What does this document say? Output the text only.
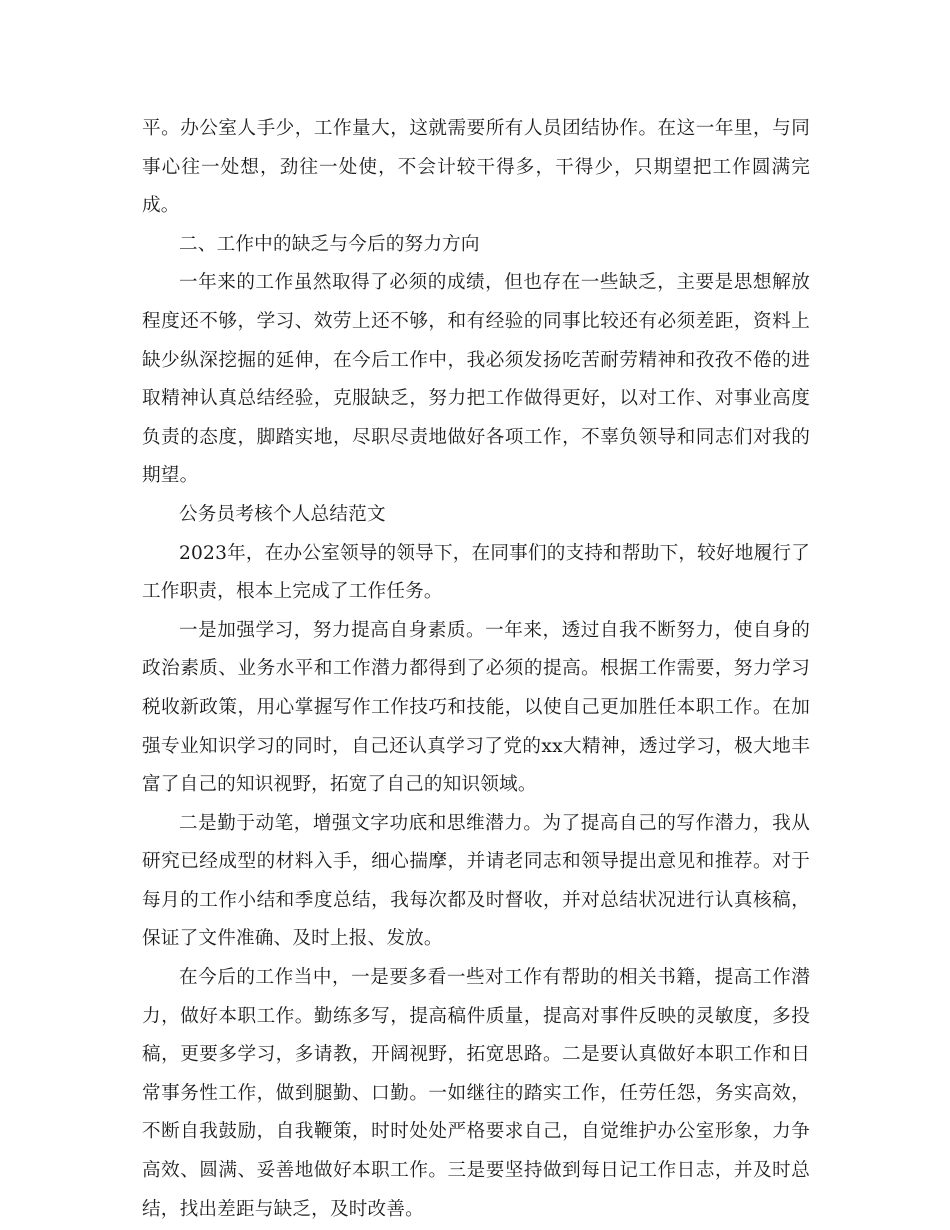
平。办公室人手少，工作量大，这就需要所有人员团结协作。在这一年里，与同事心往一处想，劲往一处使，不会计较干得多，干得少，只期望把工作圆满完成。

二、工作中的缺乏与今后的努力方向

一年来的工作虽然取得了必须的成绩，但也存在一些缺乏，主要是思想解放程度还不够，学习、效劳上还不够，和有经验的同事比较还有必须差距，资料上缺少纵深挖掘的延伸，在今后工作中，我必须发扬吃苦耐劳精神和孜孜不倦的进取精神认真总结经验，克服缺乏，努力把工作做得更好，以对工作、对事业高度负责的态度，脚踏实地，尽职尽责地做好各项工作，不辜负领导和同志们对我的期望。

公务员考核个人总结范文

2023年，在办公室领导的领导下，在同事们的支持和帮助下，较好地履行了工作职责，根本上完成了工作任务。

一是加强学习，努力提高自身素质。一年来，透过自我不断努力，使自身的政治素质、业务水平和工作潜力都得到了必须的提高。根据工作需要，努力学习税收新政策，用心掌握写作工作技巧和技能，以使自己更加胜任本职工作。在加强专业知识学习的同时，自己还认真学习了党的xx大精神，透过学习，极大地丰富了自己的知识视野，拓宽了自己的知识领域。

二是勤于动笔，增强文字功底和思维潜力。为了提高自己的写作潜力，我从研究已经成型的材料入手，细心揣摩，并请老同志和领导提出意见和推荐。对于每月的工作小结和季度总结，我每次都及时督收，并对总结状况进行认真核稿，保证了文件准确、及时上报、发放。

在今后的工作当中，一是要多看一些对工作有帮助的相关书籍，提高工作潜力，做好本职工作。勤练多写，提高稿件质量，提高对事件反映的灵敏度，多投稿，更要多学习，多请教，开阔视野，拓宽思路。二是要认真做好本职工作和日常事务性工作，做到腿勤、口勤。一如继往的踏实工作，任劳任怨，务实高效，不断自我鼓励，自我鞭策，时时处处严格要求自己，自觉维护办公室形象，力争高效、圆满、妥善地做好本职工作。三是要坚持做到每日记工作日志，并及时总结，找出差距与缺乏，及时改善。
